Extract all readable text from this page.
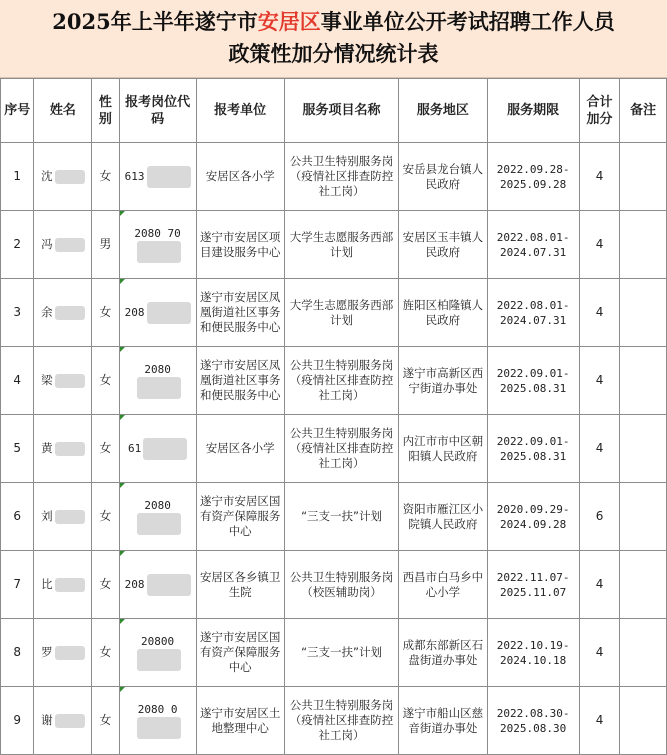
2025年上半年遂宁市安居区事业单位公开考试招聘工作人员
政策性加分情况统计表
序号	姓名	性别	报考岗位代码	报考单位	服务项目名称	服务地区	服务期限	合计加分	备注
1	沈	女	613	安居区各小学	公共卫生特别服务岗（疫情社区排查防控社工岗）	安岳县龙台镇人民政府	2022.09.28-2025.09.28	4	
2	冯	男	2080 70	遂宁市安居区项目建设服务中心	大学生志愿服务西部计划	安居区玉丰镇人民政府	2022.08.01-2024.07.31	4	
3	余	女	208	遂宁市安居区凤凰街道社区事务和便民服务中心	大学生志愿服务西部计划	旌阳区柏隆镇人民政府	2022.08.01-2024.07.31	4	
4	梁	女	2080	遂宁市安居区凤凰街道社区事务和便民服务中心	公共卫生特别服务岗（疫情社区排查防控社工岗）	遂宁市高新区西宁街道办事处	2022.09.01-2025.08.31	4	
5	黄	女	61	安居区各小学	公共卫生特别服务岗（疫情社区排查防控社工岗）	内江市市中区朝阳镇人民政府	2022.09.01-2025.08.31	4	
6	刘	女	2080	遂宁市安居区国有资产保障服务中心	“三支一扶”计划	资阳市雁江区小院镇人民政府	2020.09.29-2024.09.28	6	
7	比	女	208	安居区各乡镇卫生院	公共卫生特别服务岗（校医辅助岗）	西昌市白马乡中心小学	2022.11.07-2025.11.07	4	
8	罗	女	20800	遂宁市安居区国有资产保障服务中心	“三支一扶”计划	成都东部新区石盘街道办事处	2022.10.19-2024.10.18	4	
9	谢	女	2080 0	遂宁市安居区土地整理中心	公共卫生特别服务岗（疫情社区排查防控社工岗）	遂宁市船山区慈音街道办事处	2022.08.30-2025.08.30	4	
